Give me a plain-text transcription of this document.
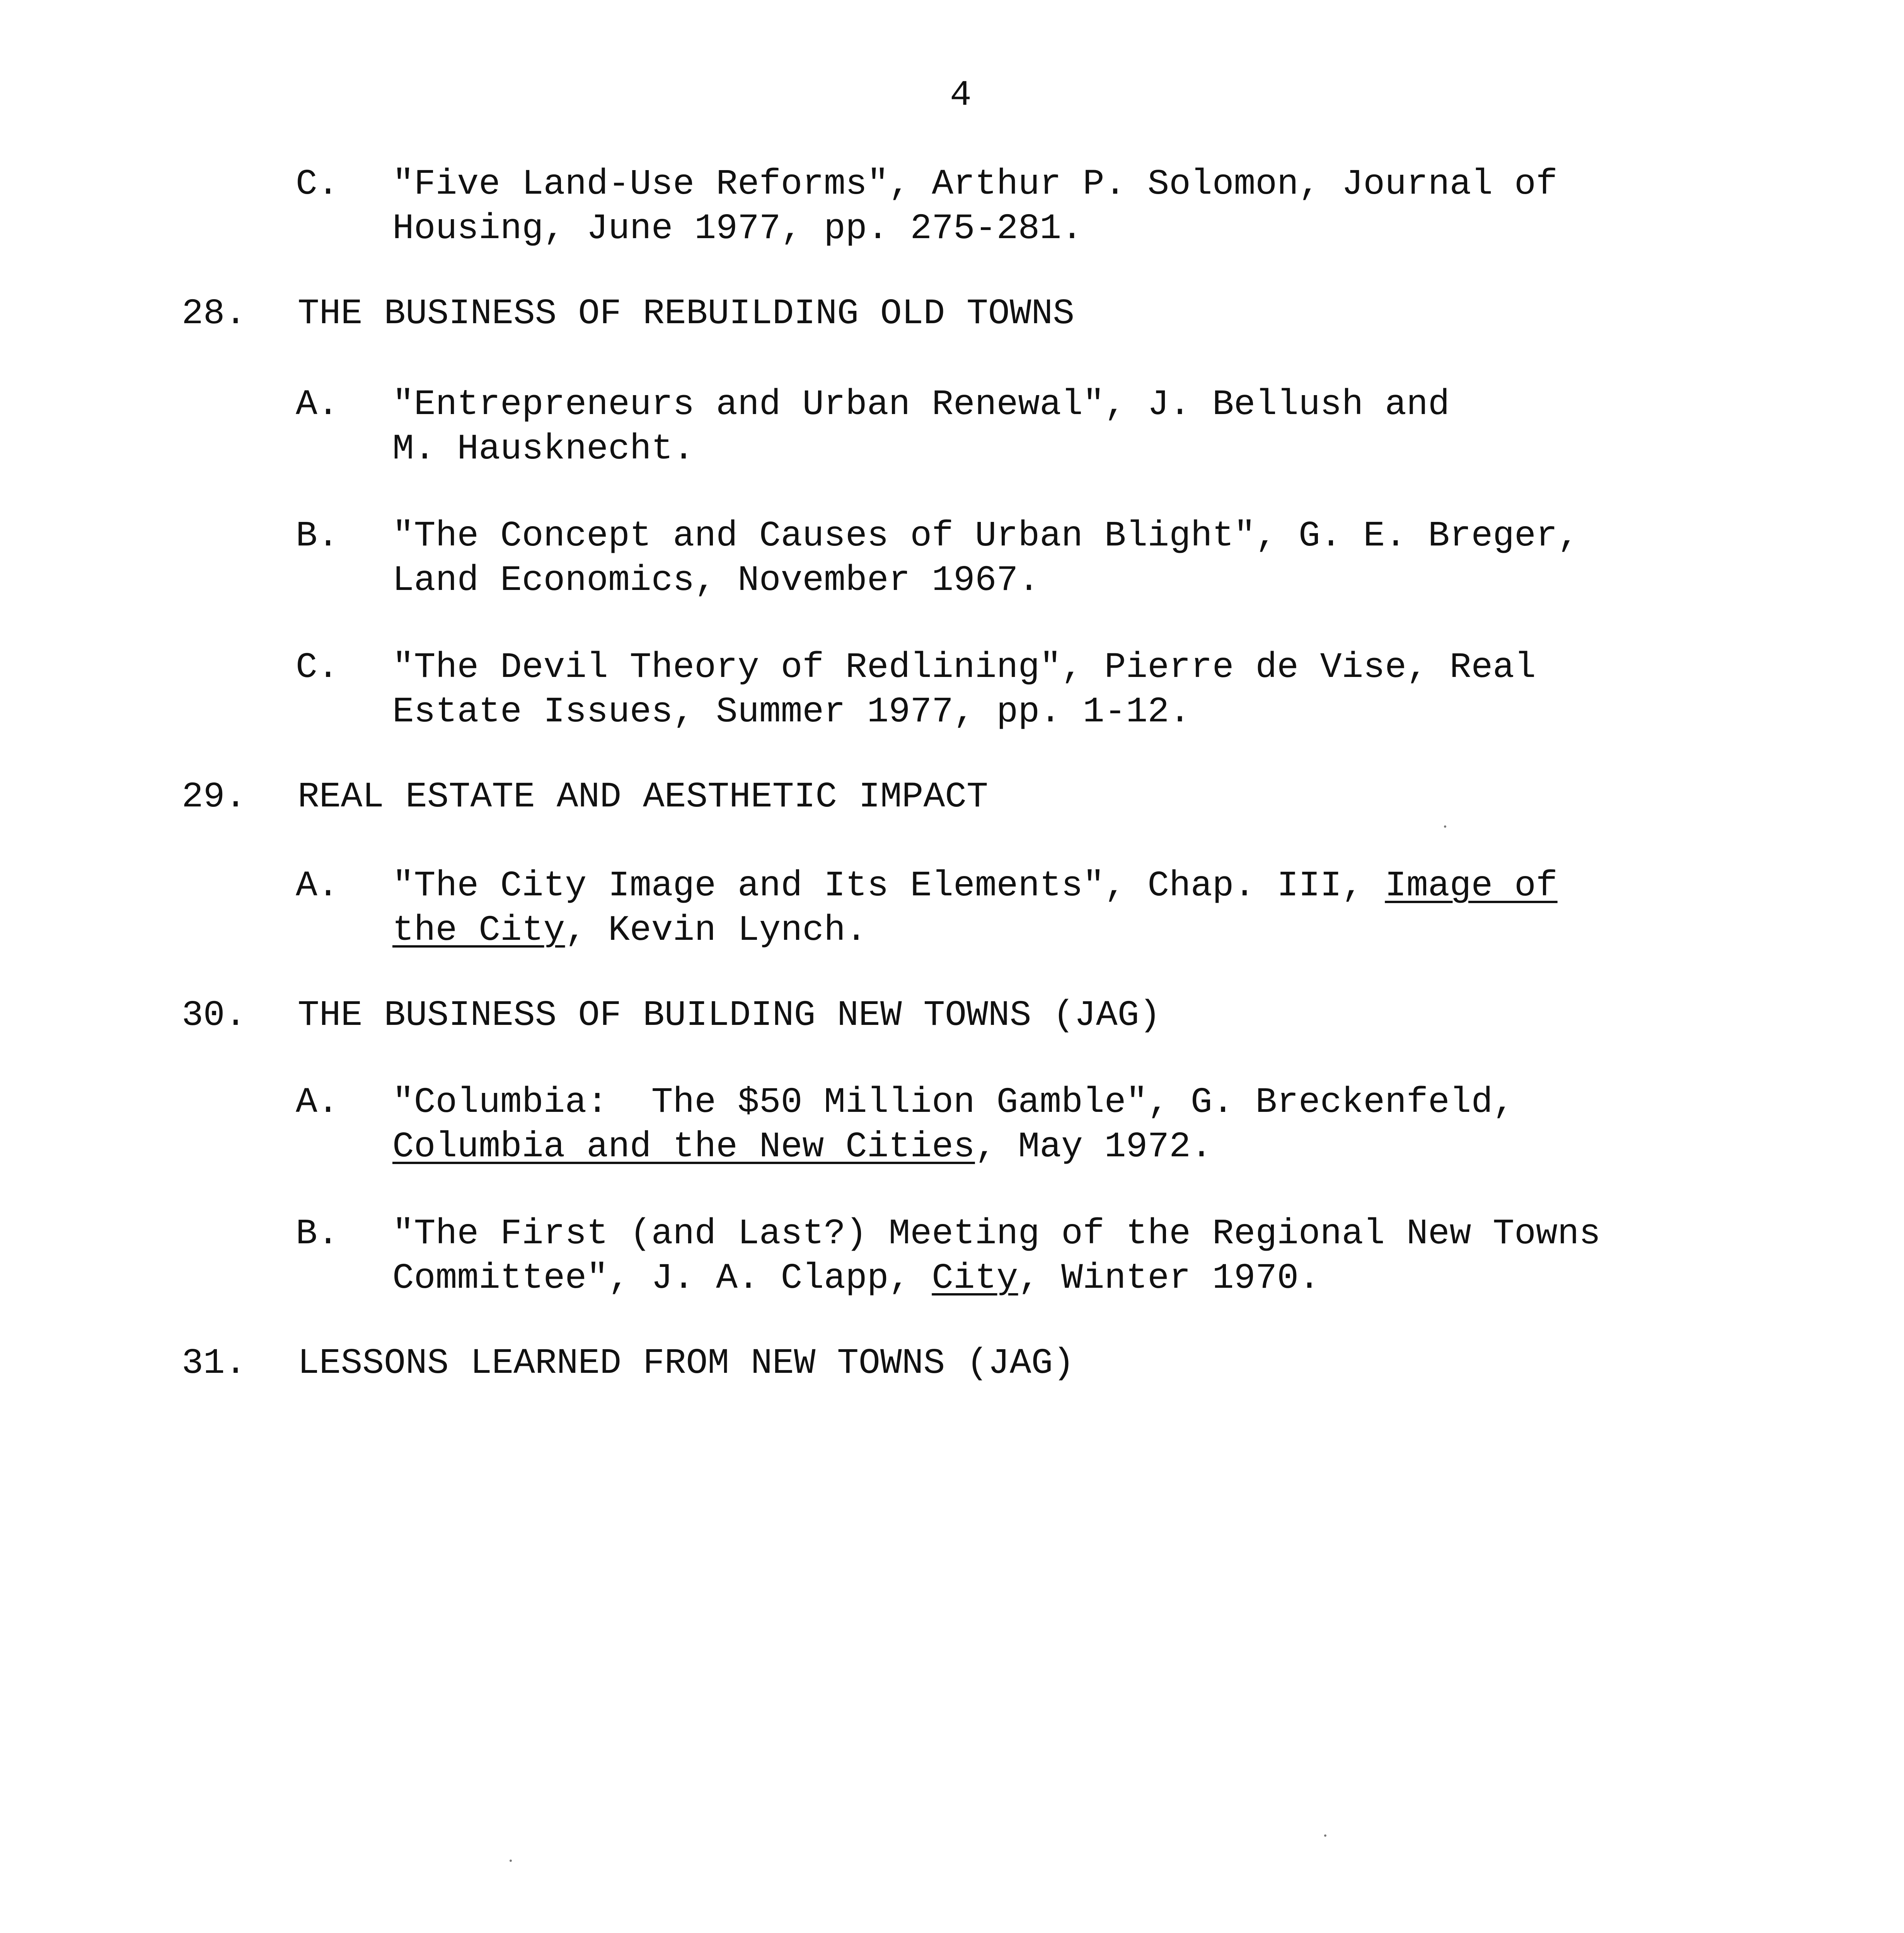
4
C. "Five Land-Use Reforms", Arthur P. Solomon, Journal of
Housing, June 1977, pp. 275-281.
28. THE BUSINESS OF REBUILDING OLD TOWNS
A. "Entrepreneurs and Urban Renewal", J. Bellush and
M. Hausknecht.
B. "The Concept and Causes of Urban Blight", G. E. Breger,
Land Economics, November 1967.
C. "The Devil Theory of Redlining", Pierre de Vise, Real
Estate Issues, Summer 1977, pp. 1-12.
29. REAL ESTATE AND AESTHETIC IMPACT
A. "The City Image and Its Elements", Chap. III, Image of
the City, Kevin Lynch.
30. THE BUSINESS OF BUILDING NEW TOWNS (JAG)
A. "Columbia:  The $50 Million Gamble", G. Breckenfeld,
Columbia and the New Cities, May 1972.
B. "The First (and Last?) Meeting of the Regional New Towns
Committee", J. A. Clapp, City, Winter 1970.
31. LESSONS LEARNED FROM NEW TOWNS (JAG)
